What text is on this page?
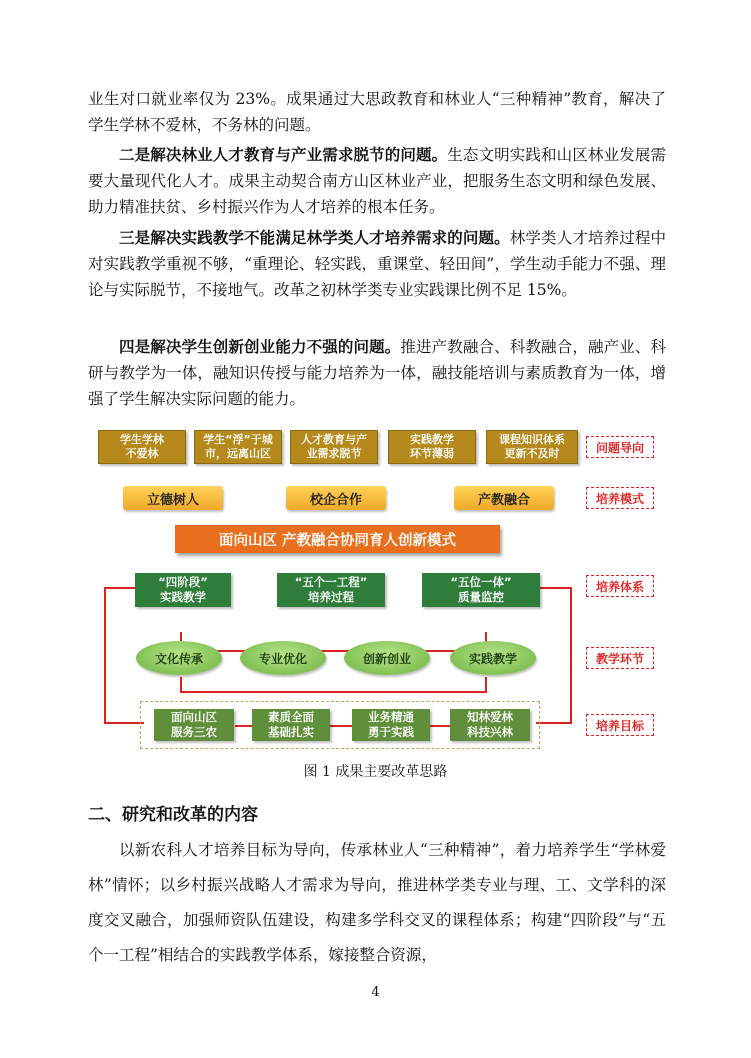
业生对口就业率仅为 23%。成果通过大思政教育和林业人“三种精神”教育，解决了学生学林不爱林，不务林的问题。

二是解决林业人才教育与产业需求脱节的问题。生态文明实践和山区林业发展需要大量现代化人才。成果主动契合南方山区林业产业，把服务生态文明和绿色发展、助力精准扶贫、乡村振兴作为人才培养的根本任务。

三是解决实践教学不能满足林学类人才培养需求的问题。林学类人才培养过程中对实践教学重视不够，“重理论、轻实践，重课堂、轻田间”，学生动手能力不强、理论与实际脱节，不接地气。改革之初林学类专业实践课比例不足 15%。

四是解决学生创新创业能力不强的问题。推进产教融合、科教融合，融产业、科研与教学为一体，融知识传授与能力培养为一体，融技能培训与素质教育为一体，增强了学生解决实际问题的能力。

学生学林
不爱林
学生“浮”于城
市，远离山区
人才教育与产
业需求脱节
实践教学
环节薄弱
课程知识体系
更新不及时
立德树人	校企合作	产教融合
面向山区 产教融合协同育人创新模式
“四阶段”
实践教学
“五个一工程”
培养过程
“五位一体”
质量监控
文化传承	专业优化	创新创业	实践教学
面向山区
服务三农
素质全面
基础扎实
业务精通
勇于实践
知林爱林
科技兴林
问题导向
培养模式
培养体系
教学环节
培养目标
图 1 成果主要改革思路
二、研究和改革的内容

以新农科人才培养目标为导向，传承林业人“三种精神”，着力培养学生“学林爱林”情怀；以乡村振兴战略人才需求为导向，推进林学类专业与理、工、文学科的深度交叉融合，加强师资队伍建设，构建多学科交叉的课程体系；构建“四阶段”与“五个一工程”相结合的实践教学体系，嫁接整合资源，

4
